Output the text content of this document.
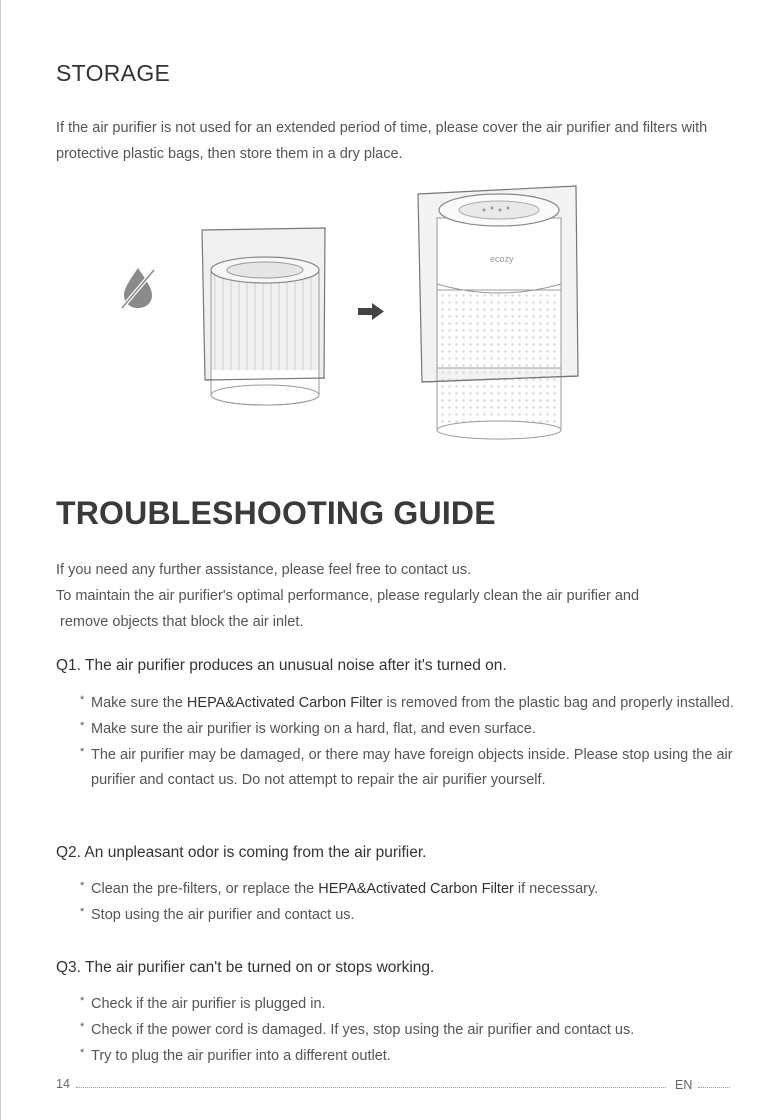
STORAGE

If the air purifier is not used for an extended period of time, please cover the air purifier and filters with protective plastic bags, then store them in a dry place.

ecozy
TROUBLESHOOTING GUIDE

If you need any further assistance, please feel free to contact us.

To maintain the air purifier's optimal performance, please regularly clean the air purifier and

remove objects that block the air inlet.

Q1. The air purifier produces an unusual noise after it's turned on.
* Make sure the HEPA&Activated Carbon Filter is removed from the plastic bag and properly installed.
* Make sure the air purifier is working on a hard, flat, and even surface.
* The air purifier may be damaged, or there may have foreign objects inside. Please stop using the air purifier and contact us. Do not attempt to repair the air purifier yourself.
Q2. An unpleasant odor is coming from the air purifier.
* Clean the pre-filters, or replace the HEPA&Activated Carbon Filter if necessary.
* Stop using the air purifier and contact us.
Q3. The air purifier can't be turned on or stops working.
* Check if the air purifier is plugged in.
* Check if the power cord is damaged. If yes, stop using the air purifier and contact us.
* Try to plug the air purifier into a different outlet.
14	EN
